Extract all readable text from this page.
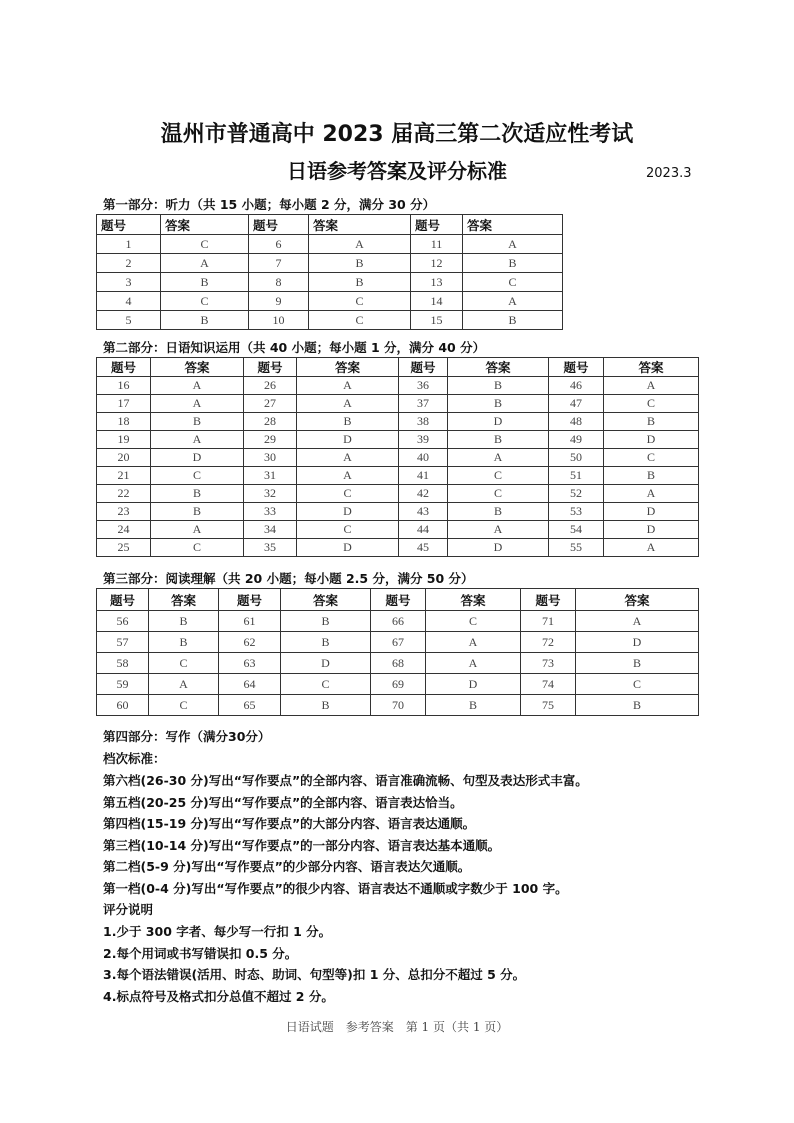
温州市普通高中 2023 届高三第二次适应性考试
日语参考答案及评分标准	2023.3
第一部分：听力（共 15 小题；每小题 2 分，满分 30 分）
题号	答案	题号	答案	题号	答案
1	C	6	A	11	A
2	A	7	B	12	B
3	B	8	B	13	C
4	C	9	C	14	A
5	B	10	C	15	B
第二部分：日语知识运用（共 40 小题；每小题 1 分，满分 40 分）
题号	答案	题号	答案	题号	答案	题号	答案
16	A	26	A	36	B	46	A
17	A	27	A	37	B	47	C
18	B	28	B	38	D	48	B
19	A	29	D	39	B	49	D
20	D	30	A	40	A	50	C
21	C	31	A	41	C	51	B
22	B	32	C	42	C	52	A
23	B	33	D	43	B	53	D
24	A	34	C	44	A	54	D
25	C	35	D	45	D	55	A
第三部分：阅读理解（共 20 小题；每小题 2.5 分，满分 50 分）
题号	答案	题号	答案	题号	答案	题号	答案
56	B	61	B	66	C	71	A
57	B	62	B	67	A	72	D
58	C	63	D	68	A	73	B
59	A	64	C	69	D	74	C
60	C	65	B	70	B	75	B
第四部分：写作（满分30分）
档次标准：
第六档(26-30 分)写出“写作要点”的全部内容、语言准确流畅、句型及表达形式丰富。
第五档(20-25 分)写出“写作要点”的全部内容、语言表达恰当。
第四档(15-19 分)写出“写作要点”的大部分内容、语言表达通顺。
第三档(10-14 分)写出“写作要点”的一部分内容、语言表达基本通顺。
第二档(5-9 分)写出“写作要点”的少部分内容、语言表达欠通顺。
第一档(0-4 分)写出“写作要点”的很少内容、语言表达不通顺或字数少于 100 字。
评分说明
1.少于 300 字者、每少写一行扣 1 分。
2.每个用词或书写错误扣 0.5 分。
3.每个语法错误(活用、时态、助词、句型等)扣 1 分、总扣分不超过 5 分。
4.标点符号及格式扣分总值不超过 2 分。
日语试题　参考答案　第 1 页（共 1 页）
